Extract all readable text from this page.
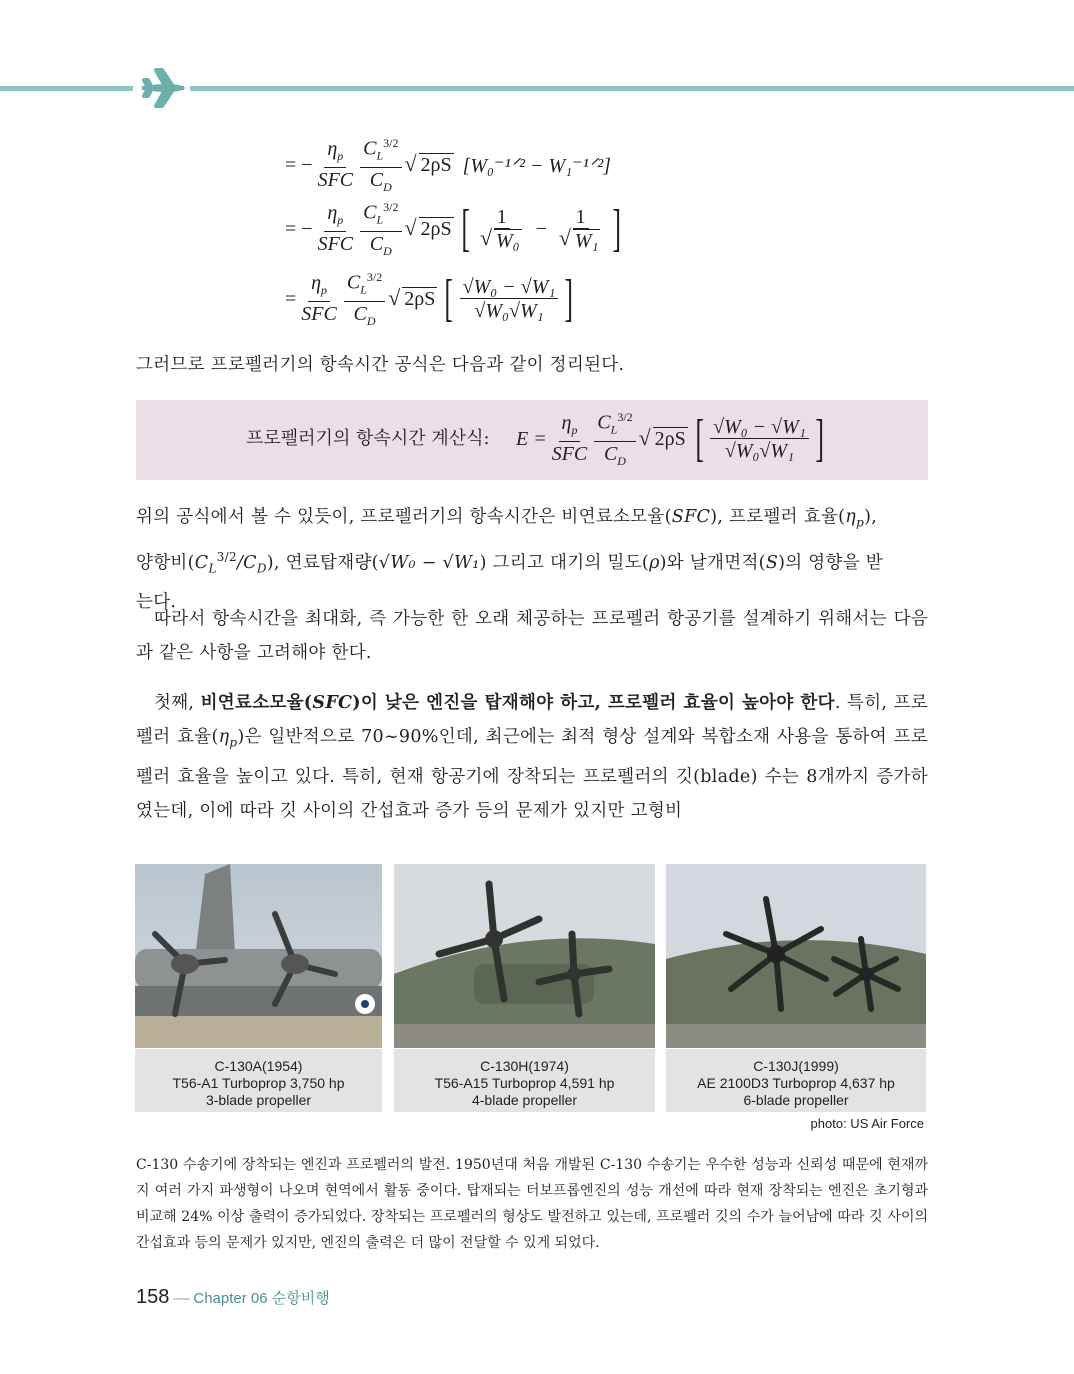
= − $\frac{\eta_p}{\text{SFC}} \frac{C_L^{3/2}}{C_D}$ √ 2ρS [W₀⁻¹ᐟ² − W₁⁻¹ᐟ²]
= − $\frac{\eta_p}{\text{SFC}} \frac{C_L^{3/2}}{C_D}$ √ 2ρS [ 1
√ W₀ − 1
√ W₁ ]
= $\frac{\eta_p}{\text{SFC}} \frac{C_L^{3/2}}{C_D}$ √ 2ρS [ $\frac{\text{√W₀ − √W₁}}{\text{√W₀√W₁}}$ ]
그러므로 프로펠러기의 항속시간 공식은 다음과 같이 정리된다.
프로펠러기의 항속시간 계산식: $E = \frac{\eta_p}{\text{SFC}} \frac{C_L^{3/2}}{C_D}$ √ 2ρS [ $\frac{\text{√W₀ − √W₁}}{\text{√W₀√W₁}}$ ]
위의 공식에서 볼 수 있듯이, 프로펠러기의 항속시간은 비연료소모율(SFC), 프로펠러 효율$(\eta_p)$,
양항비$(C_L^{3/2}/C_D)$, 연료탑재량(√W₀ − √W₁) 그리고 대기의 밀도(ρ)와 날개면적(S)의 영향을 받
는다.
따라서 항속시간을 최대화, 즉 가능한 한 오래 체공하는 프로펠러 항공기를 설계하기 위해서는 다음과 같은 사항을 고려해야 한다.
첫째, 비연료소모율(SFC)이 낮은 엔진을 탑재해야 하고, 프로펠러 효율이 높아야 한다. 특히, 프로펠러 효율$(\eta_p)$은 일반적으로 70~90%인데, 최근에는 최적 형상 설계와 복합소재 사용을 통하여 프로펠러 효율을 높이고 있다. 특히, 현재 항공기에 장착되는 프로펠러의 깃(blade) 수는 8개까지 증가하였는데, 이에 따라 깃 사이의 간섭효과 증가 등의 문제가 있지만 고형비
C-130A(1954)
T56-A1 Turboprop 3,750 hp
3-blade propeller
C-130H(1974)
T56-A15 Turboprop 4,591 hp
4-blade propeller
C-130J(1999)
AE 2100D3 Turboprop 4,637 hp
6-blade propeller
photo: US Air Force
C-130 수송기에 장착되는 엔진과 프로펠러의 발전. 1950년대 처음 개발된 C-130 수송기는 우수한 성능과 신뢰성 때문에 현재까지 여러 가지 파생형이 나오며 현역에서 활동 중이다. 탑재되는 터보프롭엔진의 성능 개선에 따라 현재 장착되는 엔진은 초기형과 비교해 24% 이상 출력이 증가되었다. 장착되는 프로펠러의 형상도 발전하고 있는데, 프로펠러 깃의 수가 늘어남에 따라 깃 사이의 간섭효과 등의 문제가 있지만, 엔진의 출력은 더 많이 전달할 수 있게 되었다.
158 — Chapter 06 순항비행
